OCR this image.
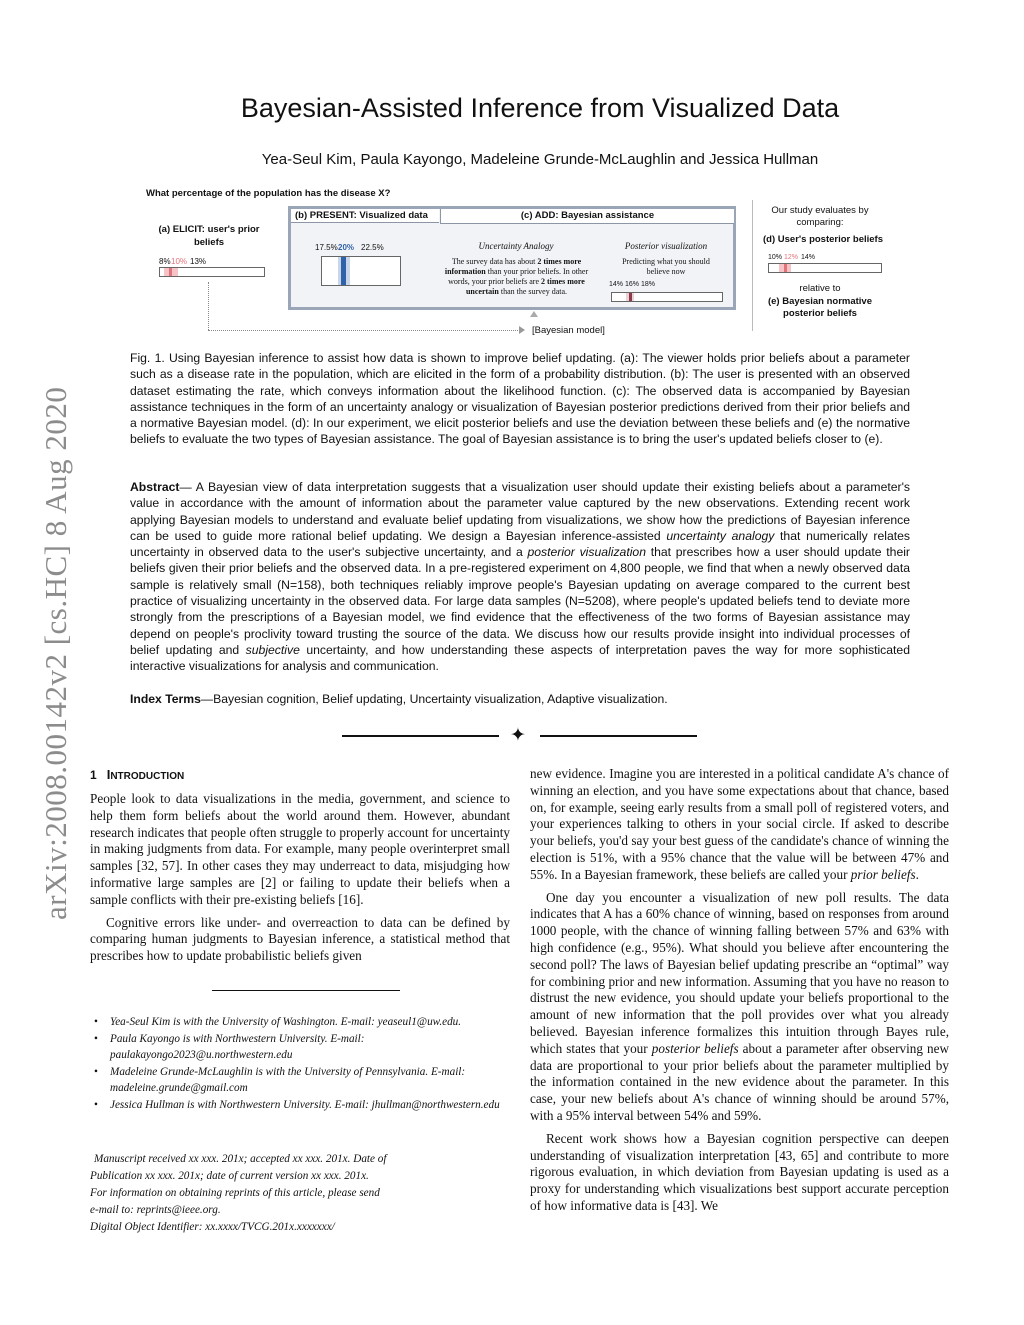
arXiv:2008.00142v2 [cs.HC] 8 Aug 2020
Bayesian-Assisted Inference from Visualized Data
Yea-Seul Kim, Paula Kayongo, Madeleine Grunde-McLaughlin and Jessica Hullman
What percentage of the population has the disease X?
(a) ELICIT: user's prior beliefs
8% 10% 13%
(b) PRESENT: Visualized data	(c) ADD: Bayesian assistance
17.5% 20% 22.5%	Uncertainty Analogy
The survey data has about 2 times more information than your prior beliefs. In other words, your prior beliefs are 2 times more uncertain than the survey data.
Posterior visualization
Predicting what you should believe now
14% 16% 18%
[Bayesian model]
Our study evaluates by comparing:
(d) User's posterior beliefs
10% 12% 14%
relative to
(e) Bayesian normative posterior beliefs
Fig. 1. Using Bayesian inference to assist how data is shown to improve belief updating. (a): The viewer holds prior beliefs about a parameter such as a disease rate in the population, which are elicited in the form of a probability distribution. (b): The user is presented with an observed dataset estimating the rate, which conveys information about the likelihood function. (c): The observed data is accompanied by Bayesian assistance techniques in the form of an uncertainty analogy or visualization of Bayesian posterior predictions derived from their prior beliefs and a normative Bayesian model. (d): In our experiment, we elicit posterior beliefs and use the deviation between these beliefs and (e) the normative beliefs to evaluate the two types of Bayesian assistance. The goal of Bayesian assistance is to bring the user's updated beliefs closer to (e).
Abstract— A Bayesian view of data interpretation suggests that a visualization user should update their existing beliefs about a parameter's value in accordance with the amount of information about the parameter value captured by the new observations. Extending recent work applying Bayesian models to understand and evaluate belief updating from visualizations, we show how the predictions of Bayesian inference can be used to guide more rational belief updating. We design a Bayesian inference-assisted uncertainty analogy that numerically relates uncertainty in observed data to the user's subjective uncertainty, and a posterior visualization that prescribes how a user should update their beliefs given their prior beliefs and the observed data. In a pre-registered experiment on 4,800 people, we find that when a newly observed data sample is relatively small (N=158), both techniques reliably improve people's Bayesian updating on average compared to the current best practice of visualizing uncertainty in the observed data. For large data samples (N=5208), where people's updated beliefs tend to deviate more strongly from the prescriptions of a Bayesian model, we find evidence that the effectiveness of the two forms of Bayesian assistance may depend on people's proclivity toward trusting the source of the data. We discuss how our results provide insight into individual processes of belief updating and subjective uncertainty, and how understanding these aspects of interpretation paves the way for more sophisticated interactive visualizations for analysis and communication.
Index Terms—Bayesian cognition, Belief updating, Uncertainty visualization, Adaptive visualization.
✦
1 INTRODUCTION

People look to data visualizations in the media, government, and science to help them form beliefs about the world around them. However, abundant research indicates that people often struggle to properly account for uncertainty in making judgments from data. For example, many people overinterpret small samples [32, 57]. In other cases they may underreact to data, misjudging how informative large samples are [2] or failing to update their beliefs when a sample conflicts with their pre-existing beliefs [16].

Cognitive errors like under- and overreaction to data can be defined by comparing human judgments to Bayesian inference, a statistical method that prescribes how to update probabilistic beliefs given

• Yea-Seul Kim is with the University of Washington. E-mail: yeaseul1@uw.edu.
• Paula Kayongo is with Northwestern University. E-mail: paulakayongo2023@u.northwestern.edu
• Madeleine Grunde-McLaughlin is with the University of Pennsylvania. E-mail: madeleine.grunde@gmail.com
• Jessica Hullman is with Northwestern University. E-mail: jhullman@northwestern.edu
Manuscript received xx xxx. 201x; accepted xx xxx. 201x. Date of
Publication xx xxx. 201x; date of current version xx xxx. 201x.
For information on obtaining reprints of this article, please send
e-mail to: reprints@ieee.org.
Digital Object Identifier: xx.xxxx/TVCG.201x.xxxxxxx/

new evidence. Imagine you are interested in a political candidate A's chance of winning an election, and you have some expectations about that chance, based on, for example, seeing early results from a small poll of registered voters, and your experiences talking to others in your social circle. If asked to describe your beliefs, you'd say your best guess of the candidate's chance of winning the election is 51%, with a 95% chance that the value will be between 47% and 55%. In a Bayesian framework, these beliefs are called your prior beliefs.

One day you encounter a visualization of new poll results. The data indicates that A has a 60% chance of winning, based on responses from around 1000 people, with the chance of winning falling between 57% and 63% with high confidence (e.g., 95%). What should you believe after encountering the second poll? The laws of Bayesian belief updating prescribe an “optimal” way for combining prior and new information. Assuming that you have no reason to distrust the new evidence, you should update your beliefs proportional to the amount of new information that the poll provides over what you already believed. Bayesian inference formalizes this intuition through Bayes rule, which states that your posterior beliefs about a parameter after observing new data are proportional to your prior beliefs about the parameter multiplied by the information contained in the new evidence about the parameter. In this case, your new beliefs about A's chance of winning should be around 57%, with a 95% interval between 54% and 59%.

Recent work shows how a Bayesian cognition perspective can deepen understanding of visualization interpretation [43, 65] and contribute to more rigorous evaluation, in which deviation from Bayesian updating is used as a proxy for understanding which visualizations best support accurate perception of how informative data is [43]. We
